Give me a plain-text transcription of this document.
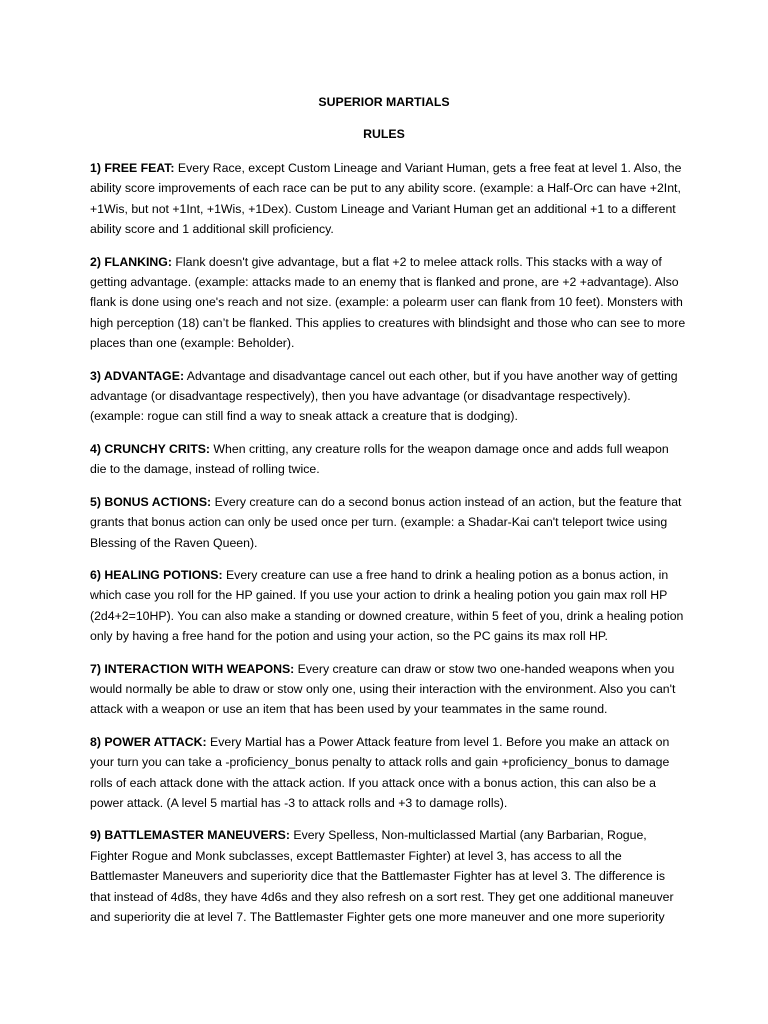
SUPERIOR MARTIALS

RULES

1) FREE FEAT: Every Race, except Custom Lineage and Variant Human, gets a free feat at level 1. Also, the ability score improvements of each race can be put to any ability score. (example: a Half-Orc can have +2Int, +1Wis, but not +1Int, +1Wis, +1Dex). Custom Lineage and Variant Human get an additional +1 to a different ability score and 1 additional skill proficiency.

2) FLANKING: Flank doesn't give advantage, but a flat +2 to melee attack rolls. This stacks with a way of getting advantage. (example: attacks made to an enemy that is flanked and prone, are +2 +advantage). Also flank is done using one's reach and not size. (example: a polearm user can flank from 10 feet). Monsters with high perception (18) can’t be flanked. This applies to creatures with blindsight and those who can see to more places than one (example: Beholder).

3) ADVANTAGE: Advantage and disadvantage cancel out each other, but if you have another way of getting advantage (or disadvantage respectively), then you have advantage (or disadvantage respectively). (example: rogue can still find a way to sneak attack a creature that is dodging).

4) CRUNCHY CRITS: When critting, any creature rolls for the weapon damage once and adds full weapon die to the damage, instead of rolling twice.

5) BONUS ACTIONS: Every creature can do a second bonus action instead of an action, but the feature that grants that bonus action can only be used once per turn. (example: a Shadar-Kai can't teleport twice using Blessing of the Raven Queen).

6) HEALING POTIONS: Every creature can use a free hand to drink a healing potion as a bonus action, in which case you roll for the HP gained. If you use your action to drink a healing potion you gain max roll HP (2d4+2=10HP). You can also make a standing or downed creature, within 5 feet of you, drink a healing potion only by having a free hand for the potion and using your action, so the PC gains its max roll HP.

7) INTERACTION WITH WEAPONS: Every creature can draw or stow two one-handed weapons when you would normally be able to draw or stow only one, using their interaction with the environment. Also you can't attack with a weapon or use an item that has been used by your teammates in the same round.

8) POWER ATTACK: Every Martial has a Power Attack feature from level 1. Before you make an attack on your turn you can take a -proficiency_bonus penalty to attack rolls and gain +proficiency_bonus to damage rolls of each attack done with the attack action. If you attack once with a bonus action, this can also be a power attack. (A level 5 martial has -3 to attack rolls and +3 to damage rolls).

9) BATTLEMASTER MANEUVERS: Every Spelless, Non-multiclassed Martial (any Barbarian, Rogue, Fighter Rogue and Monk subclasses, except Battlemaster Fighter) at level 3, has access to all the Battlemaster Maneuvers and superiority dice that the Battlemaster Fighter has at level 3. The difference is that instead of 4d8s, they have 4d6s and they also refresh on a sort rest. They get one additional maneuver and superiority die at level 7. The Battlemaster Fighter gets one more maneuver and one more superiority
